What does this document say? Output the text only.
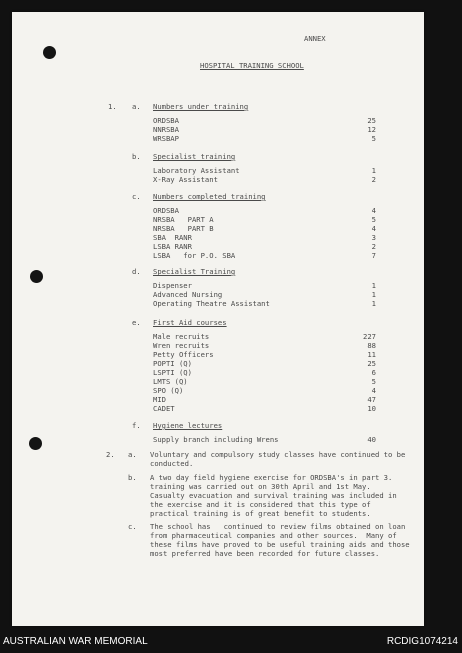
ANNEX
HOSPITAL TRAINING SCHOOL
1. a. Numbers under training
ORDSBA	25
NNRSBA	12
WRSBAP	5
b. Specialist training
Laboratory Assistant	1
X-Ray Assistant	2
c. Numbers completed training
ORDSBA	4
NRSBA   PART A	5
NRSBA   PART B	4
SBA  RANR	3
LSBA RANR	2
LSBA   for P.O. SBA	7
d. Specialist Training
Dispenser	1
Advanced Nursing	1
Operating Theatre Assistant	1
e. First Aid courses
Male recruits	227
Wren recruits	88
Petty Officers	11
POPTI (Q)	25
LSPTI (Q)	6
LMTS (Q)	5
SPO (Q)	4
MID	47
CADET	10
f. Hygiene lectures
Supply branch including Wrens	40
2. a. Voluntary and compulsory study classes have continued to be
conducted.
b. A two day field hygiene exercise for ORDSBA's in part 3.
training was carried out on 30th April and 1st May.
Casualty evacuation and survival training was included in
the exercise and it is considered that this type of
practical training is of great benefit to students.
c. The school has   continued to review films obtained on loan
from pharmaceutical companies and other sources.  Many of
these films have proved to be useful training aids and those
most preferred have been recorded for future classes.
AUSTRALIAN WAR MEMORIAL	RCDIG1074214
